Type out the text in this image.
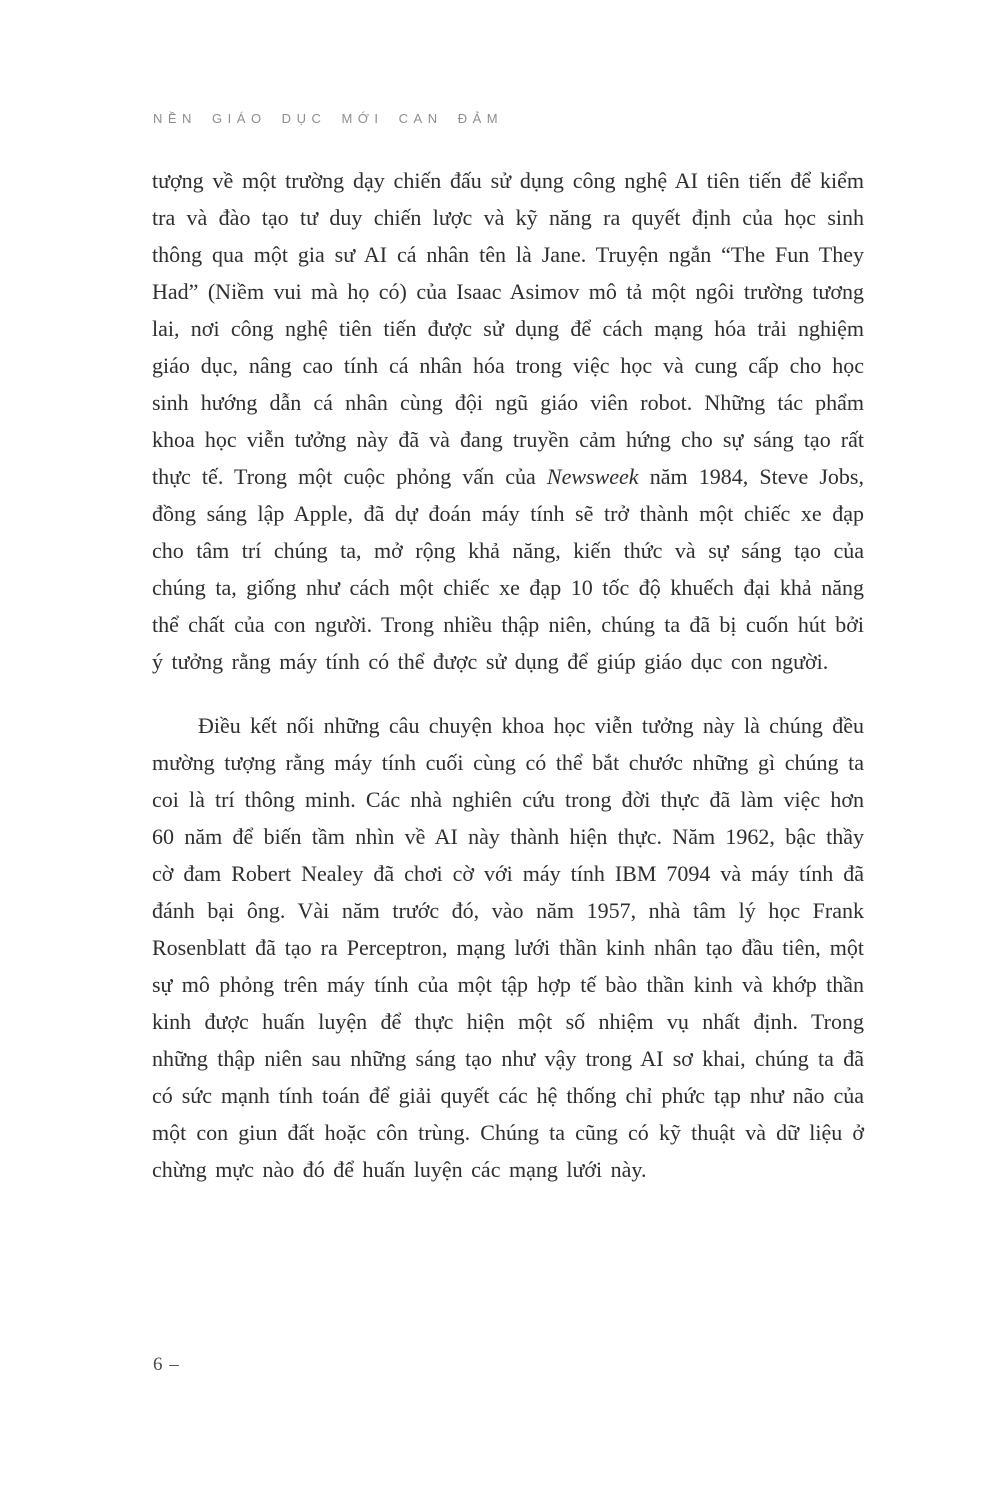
NỀN GIÁO DỤC MỚI CAN ĐẢM

tượng về một trường dạy chiến đấu sử dụng công nghệ AI tiên tiến để kiểm tra và đào tạo tư duy chiến lược và kỹ năng ra quyết định của học sinh thông qua một gia sư AI cá nhân tên là Jane. Truyện ngắn “The Fun They Had” (Niềm vui mà họ có) của Isaac Asimov mô tả một ngôi trường tương lai, nơi công nghệ tiên tiến được sử dụng để cách mạng hóa trải nghiệm giáo dục, nâng cao tính cá nhân hóa trong việc học và cung cấp cho học sinh hướng dẫn cá nhân cùng đội ngũ giáo viên robot. Những tác phẩm khoa học viễn tưởng này đã và đang truyền cảm hứng cho sự sáng tạo rất thực tế. Trong một cuộc phỏng vấn của Newsweek năm 1984, Steve Jobs, đồng sáng lập Apple, đã dự đoán máy tính sẽ trở thành một chiếc xe đạp cho tâm trí chúng ta, mở rộng khả năng, kiến thức và sự sáng tạo của chúng ta, giống như cách một chiếc xe đạp 10 tốc độ khuếch đại khả năng thể chất của con người. Trong nhiều thập niên, chúng ta đã bị cuốn hút bởi ý tưởng rằng máy tính có thể được sử dụng để giúp giáo dục con người.

Điều kết nối những câu chuyện khoa học viễn tưởng này là chúng đều mường tượng rằng máy tính cuối cùng có thể bắt chước những gì chúng ta coi là trí thông minh. Các nhà nghiên cứu trong đời thực đã làm việc hơn 60 năm để biến tầm nhìn về AI này thành hiện thực. Năm 1962, bậc thầy cờ đam Robert Nealey đã chơi cờ với máy tính IBM 7094 và máy tính đã đánh bại ông. Vài năm trước đó, vào năm 1957, nhà tâm lý học Frank Rosenblatt đã tạo ra Perceptron, mạng lưới thần kinh nhân tạo đầu tiên, một sự mô phỏng trên máy tính của một tập hợp tế bào thần kinh và khớp thần kinh được huấn luyện để thực hiện một số nhiệm vụ nhất định. Trong những thập niên sau những sáng tạo như vậy trong AI sơ khai, chúng ta đã có sức mạnh tính toán để giải quyết các hệ thống chỉ phức tạp như não của một con giun đất hoặc côn trùng. Chúng ta cũng có kỹ thuật và dữ liệu ở chừng mực nào đó để huấn luyện các mạng lưới này.

6 –
